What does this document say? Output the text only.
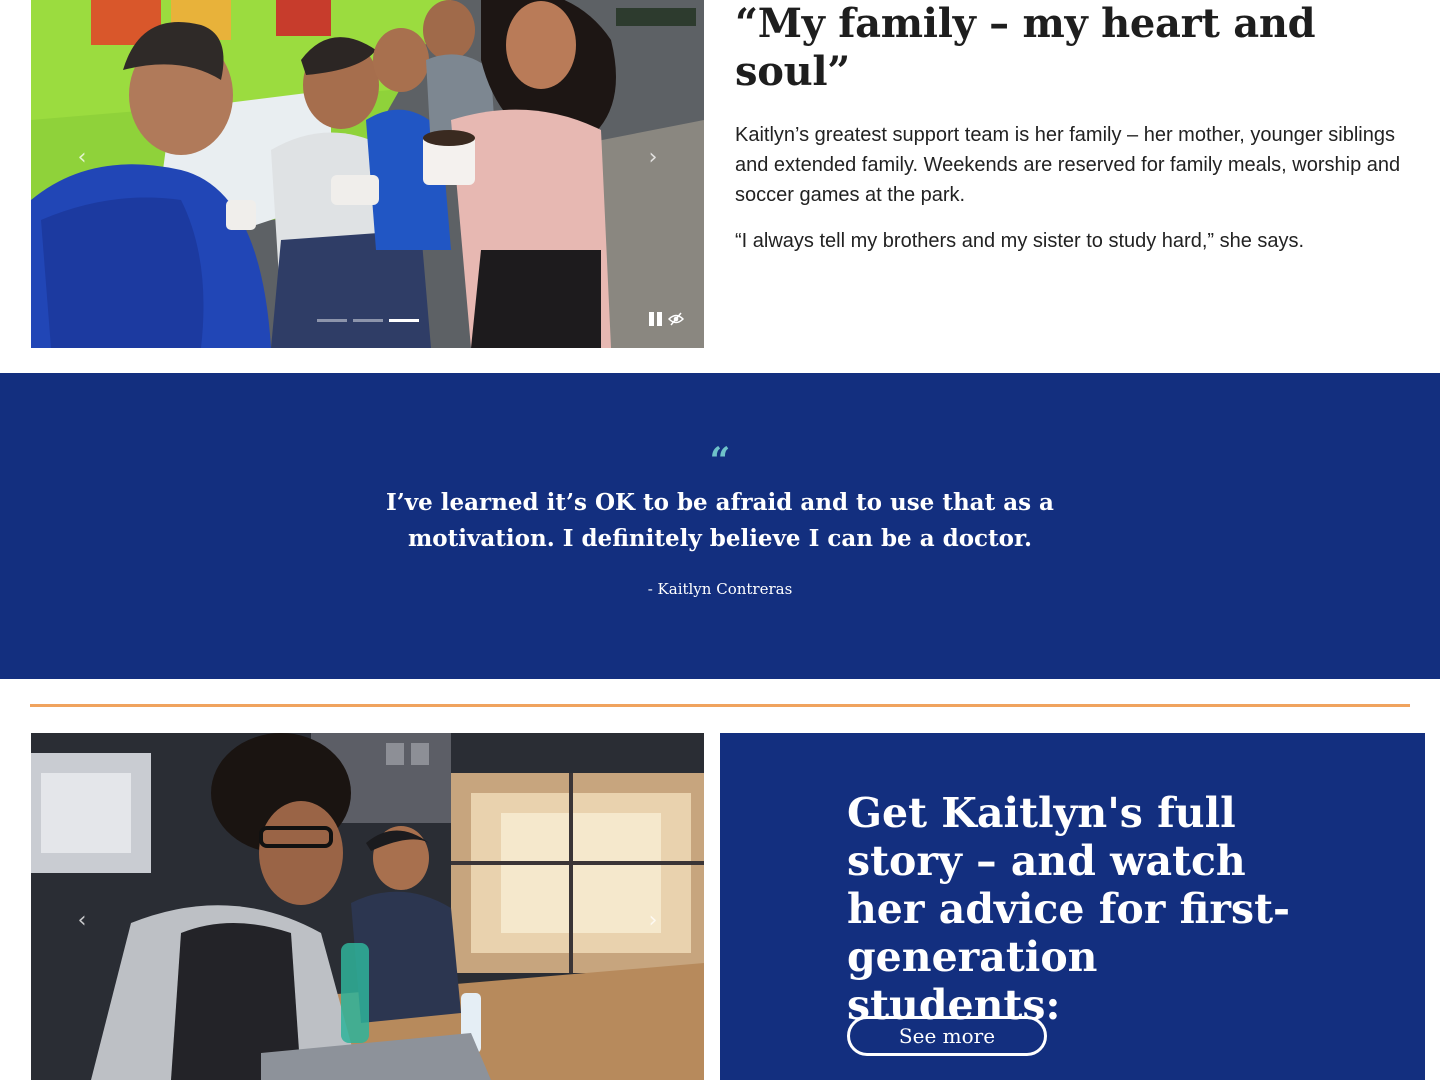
‹	›
“My family – my heart and soul”

Kaitlyn’s greatest support team is her family – her mother, younger siblings and extended family. Weekends are reserved for family meals, worship and soccer games at the park.

“I always tell my brothers and my sister to study hard,” she says.

“
I’ve learned it’s OK to be afraid and to use that as a motivation. I definitely believe I can be a doctor.
- Kaitlyn Contreras
‹	›
Get Kaitlyn's full story – and watch her advice for first-generation students:
See more
